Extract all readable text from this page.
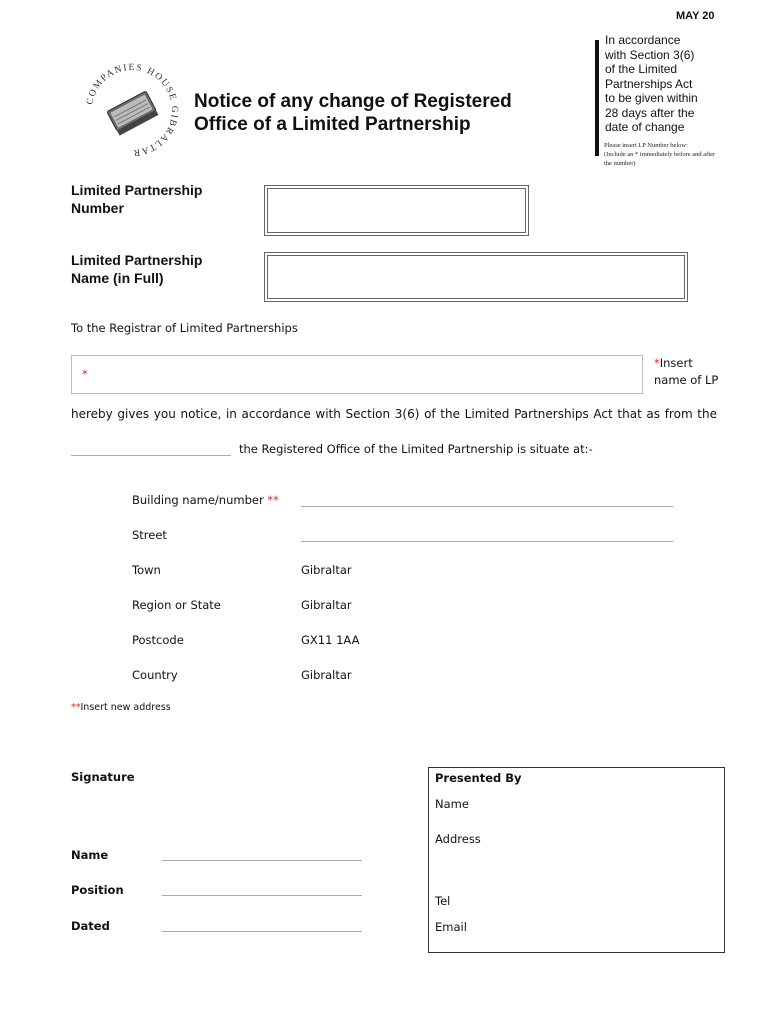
MAY 20
In accordance
with Section 3(6)
of the Limited
Partnerships Act
to be given within
28 days after the
date of change
Please insert LP Number below:
(Include an * immediately before and after
the number)
COMPANIES HOUSE GIBRALTAR
Notice of any change of Registered
Office of a Limited Partnership
Limited Partnership
Number
Limited Partnership
Name (in Full)
To the Registrar of Limited Partnerships
*
*Insert
name of LP
hereby gives you notice, in accordance with Section 3(6) of the Limited Partnerships Act that as from the
the Registered Office of the Limited Partnership is situate at:-
Building name/number **
Street
Town	Gibraltar
Region or State	Gibraltar
Postcode	GX11 1AA
Country	Gibraltar
**Insert new address
Signature
Name
Position
Dated
Presented By
Name
Address
Tel
Email
